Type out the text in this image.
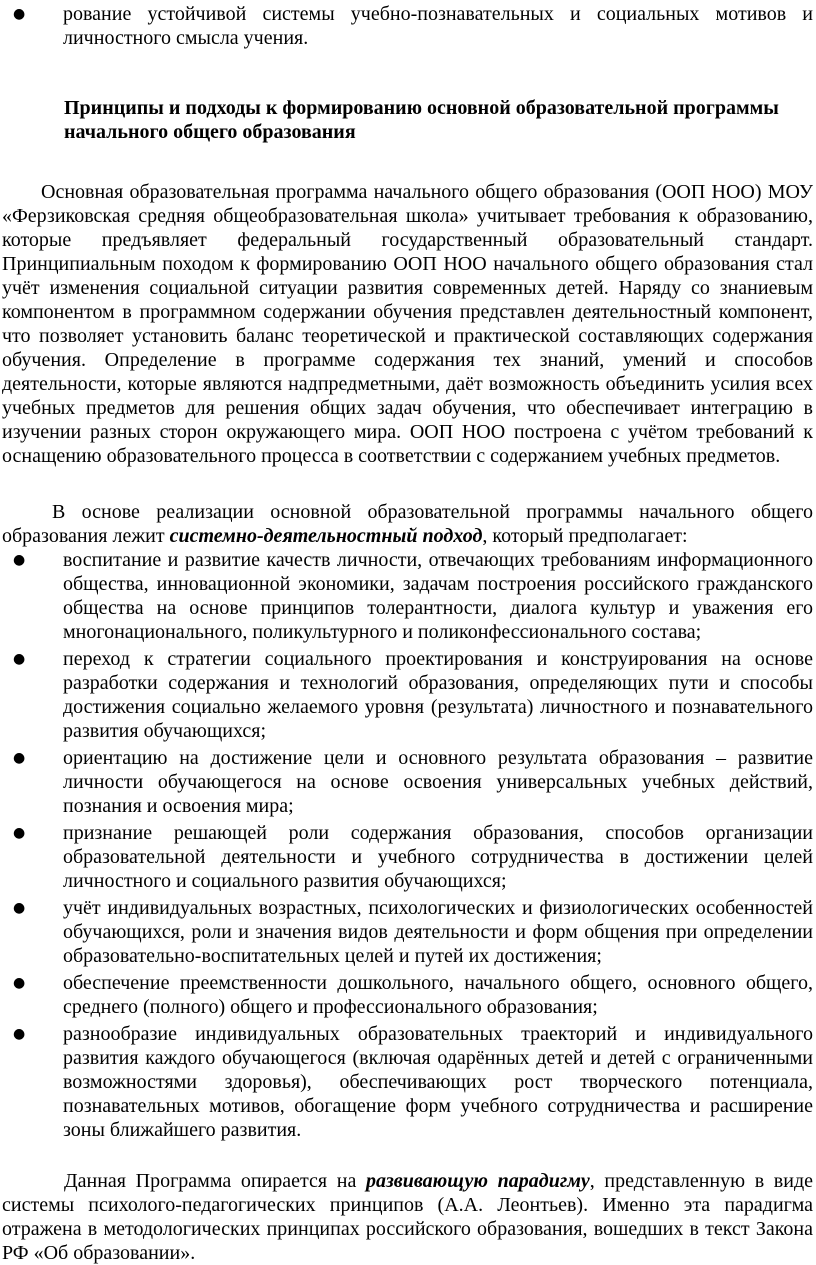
●	рование устойчивой системы учебно-познавательных и социальных мотивов и личностного смысла учения.

Принципы и подходы к формированию основной образовательной программы начального общего образования

Основная образовательная программа начального общего образования (ООП НОО) МОУ «Ферзиковская средняя общеобразовательная школа» учитывает требования к образованию, которые предъявляет федеральный государственный образовательный стандарт. Принципиальным походом к формированию ООП НОО начального общего образования стал учёт изменения социальной ситуации развития современных детей. Наряду со знаниевым компонентом в программном содержании обучения представлен деятельностный компонент, что позволяет установить баланс теоретической и практической составляющих содержания обучения. Определение в программе содержания тех знаний, умений и способов деятельности, которые являются надпредметными, даёт возможность объединить усилия всех учебных предметов для решения общих задач обучения, что обеспечивает интеграцию в изучении разных сторон окружающего мира. ООП НОО построена с учётом требований к оснащению образовательного процесса в соответствии с содержанием учебных предметов.

В основе реализации основной образовательной программы начального общего образования лежит системно-деятельностный подход, который предполагает:

●	воспитание и развитие качеств личности, отвечающих требованиям информационного общества, инновационной экономики, задачам построения российского гражданского общества на основе принципов толерантности, диалога культур и уважения его многонационального, поликультурного и поликонфессионального состава;
●	переход к стратегии социального проектирования и конструирования на основе разработки содержания и технологий образования, определяющих пути и способы достижения социально желаемого уровня (результата) личностного и познавательного развития обучающихся;
●	ориентацию на достижение цели и основного результата образования – развитие личности обучающегося на основе освоения универсальных учебных действий, познания и освоения мира;
●	признание решающей роли содержания образования, способов организации образовательной деятельности и учебного сотрудничества в достижении целей личностного и социального развития обучающихся;
●	учёт индивидуальных возрастных, психологических и физиологических особенностей обучающихся, роли и значения видов деятельности и форм общения при определении образовательно-воспитательных целей и путей их достижения;
●	обеспечение преемственности дошкольного, начального общего, основного общего, среднего (полного) общего и профессионального образования;
●	разнообразие индивидуальных образовательных траекторий и индивидуального развития каждого обучающегося (включая одарённых детей и детей с ограниченными возможностями здоровья), обеспечивающих рост творческого потенциала, познавательных мотивов, обогащение форм учебного сотрудничества и расширение зоны ближайшего развития.

Данная Программа опирается на развивающую парадигму, представленную в виде системы психолого-педагогических принципов (А.А. Леонтьев). Именно эта парадигма отражена в методологических принципах российского образования, вошедших в текст Закона РФ «Об образовании».
